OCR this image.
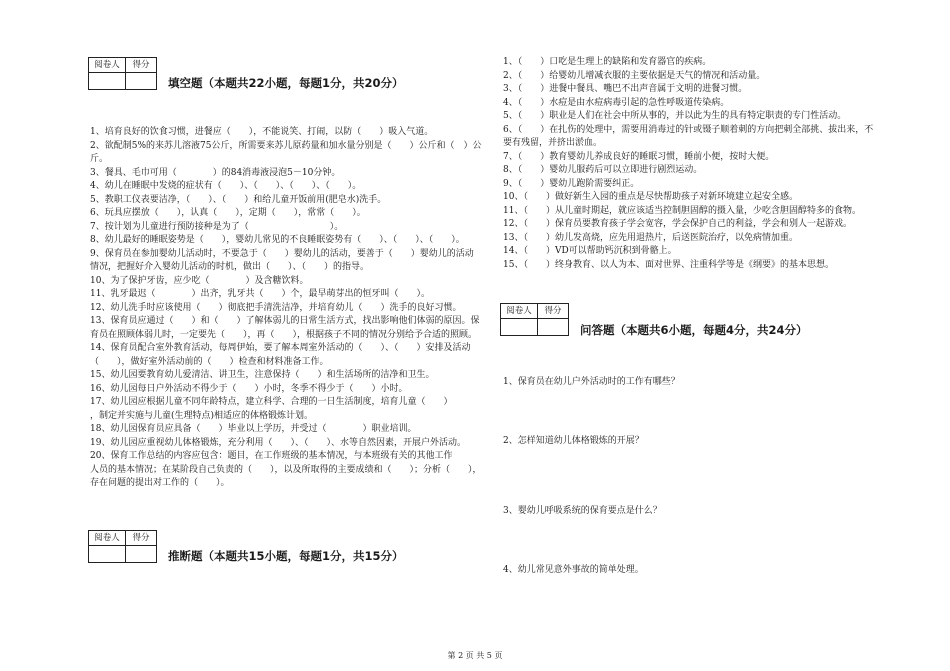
阅卷人	得分
填空题（本题共22小题，每题1分，共20分）
1、培育良好的饮食习惯，进餐应（　　），不能说笑、打闹，以防（　　）吸入气道。
2、欲配制5%的来苏儿溶液75公斤，所需要来苏儿原药量和加水量分别是（　　）公斤和（　）公
斤。
3、餐具、毛巾可用（　　　　）的84消毒液浸泡5－10分钟。
4、幼儿在睡眠中发烧的症状有（　　）、（　　）、（　　）、（　　）。
5、教职工仪表要洁净，（　　）、（　　）和给儿童开饭前用(肥皂水)洗手。
6、玩具应摆放（　　），认真（　　），定期（　　），常常（　　）。
7、按计划为儿童进行预防接种是为了（　　　　　　　　　）。
8、幼儿最好的睡眠姿势是（　　），婴幼儿常见的不良睡眠姿势有（　　）、（　　）、（　　）。
9、保育员在参加婴幼儿活动时，不要急于（　　）婴幼儿的活动，要善于（　　）婴幼儿的活动
情况，把握好介入婴幼儿活动的时机，做出（　　）、（　　）的指导。
10、为了保护牙齿，应少吃（　　　　）及含糖饮料。
11、乳牙最迟（　　　　）出齐，乳牙共（　　）个，最早萌芽出的恒牙叫（　　）。
12、幼儿洗手时应该使用（　　）彻底把手清洗洁净，并培育幼儿（　　）洗手的良好习惯。
13、保育员应通过（　　）和（　　）了解体弱儿的日常生活方式，找出影响他们体弱的原因。保
育员在照顾体弱儿时，一定要先（　　），再（　　），根据孩子不同的情况分别给予合适的照顾。
14、保育员配合室外教育活动，每周伊始，要了解本周室外活动的（　　）、（　　）安排及活动
（　　），做好室外活动前的（　　）检查和材料准备工作。
15、幼儿园要教育幼儿爱清洁、讲卫生，注意保持（　　）和生活场所的洁净和卫生。
16、幼儿园每日户外活动不得少于（　　）小时，冬季不得少于（　　）小时。
17、幼儿园应根据儿童不同年龄特点，建立科学、合理的一日生活制度，培育儿童（　　）
，制定并实施与儿童(生理特点)相适应的体格锻炼计划。
18、幼儿园保育员应具备（　　）毕业以上学历，并受过（　　　　）职业培训。
19、幼儿园应重视幼儿体格锻炼，充分利用（　　）、（　　）、水等自然因素，开展户外活动。
20、保育工作总结的内容应包含：题目，在工作班级的基本情况，与本班级有关的其他工作
人员的基本情况；在某阶段自己负责的（　　），以及所取得的主要成绩和（　　）；分析（　　），
存在问题的提出对工作的（　　）。
阅卷人	得分
推断题（本题共15小题，每题1分，共15分）
1、（　　）口吃是生理上的缺陷和发育器官的疾病。
2、（　　）给婴幼儿增减衣服的主要依据是天气的情况和活动量。
3、（　　）进餐中餐具、嘴巴不出声音属于文明的进餐习惯。
4、（　　）水痘是由水痘病毒引起的急性呼吸道传染病。
5、（　　）职业是人们在社会中所从事的，并以此为生的具有特定职责的专门性活动。
6、（　　）在扎伤的处理中，需要用消毒过的针或镊子顺着刺的方向把刺全部挑、拔出来，不
要有残留，并挤出淤血。
7、（　　）教育婴幼儿养成良好的睡眠习惯，睡前小便，按时大便。
8、（　　）婴幼儿服药后可以立即进行剧烈运动。
9、（　　）婴幼儿跑阶需要纠正。
10、（　　）做好新生入园的重点是尽快帮助孩子对新环境建立起安全感。
11、（　　）从儿童时期起，就应该适当控制胆固醇的摄入量，少吃含胆固醇特多的食物。
12、（　　）保育员要教育孩子学会宽容，学会保护自己的利益，学会和别人一起游戏。
13、（　　）幼儿发高烧，应先用退热片，后送医院治疗，以免病情加重。
14、（　　）VD可以帮助钙沉积到骨骼上。
15、（　　）终身教育、以人为本、面对世界、注重科学等是《纲要》的基本思想。
阅卷人	得分
问答题（本题共6小题，每题4分，共24分）
1、保育员在幼儿户外活动时的工作有哪些？
2、怎样知道幼儿体格锻炼的开展？
3、婴幼儿呼吸系统的保育要点是什么？
4、幼儿常见意外事故的简单处理。
第 2 页 共 5 页
